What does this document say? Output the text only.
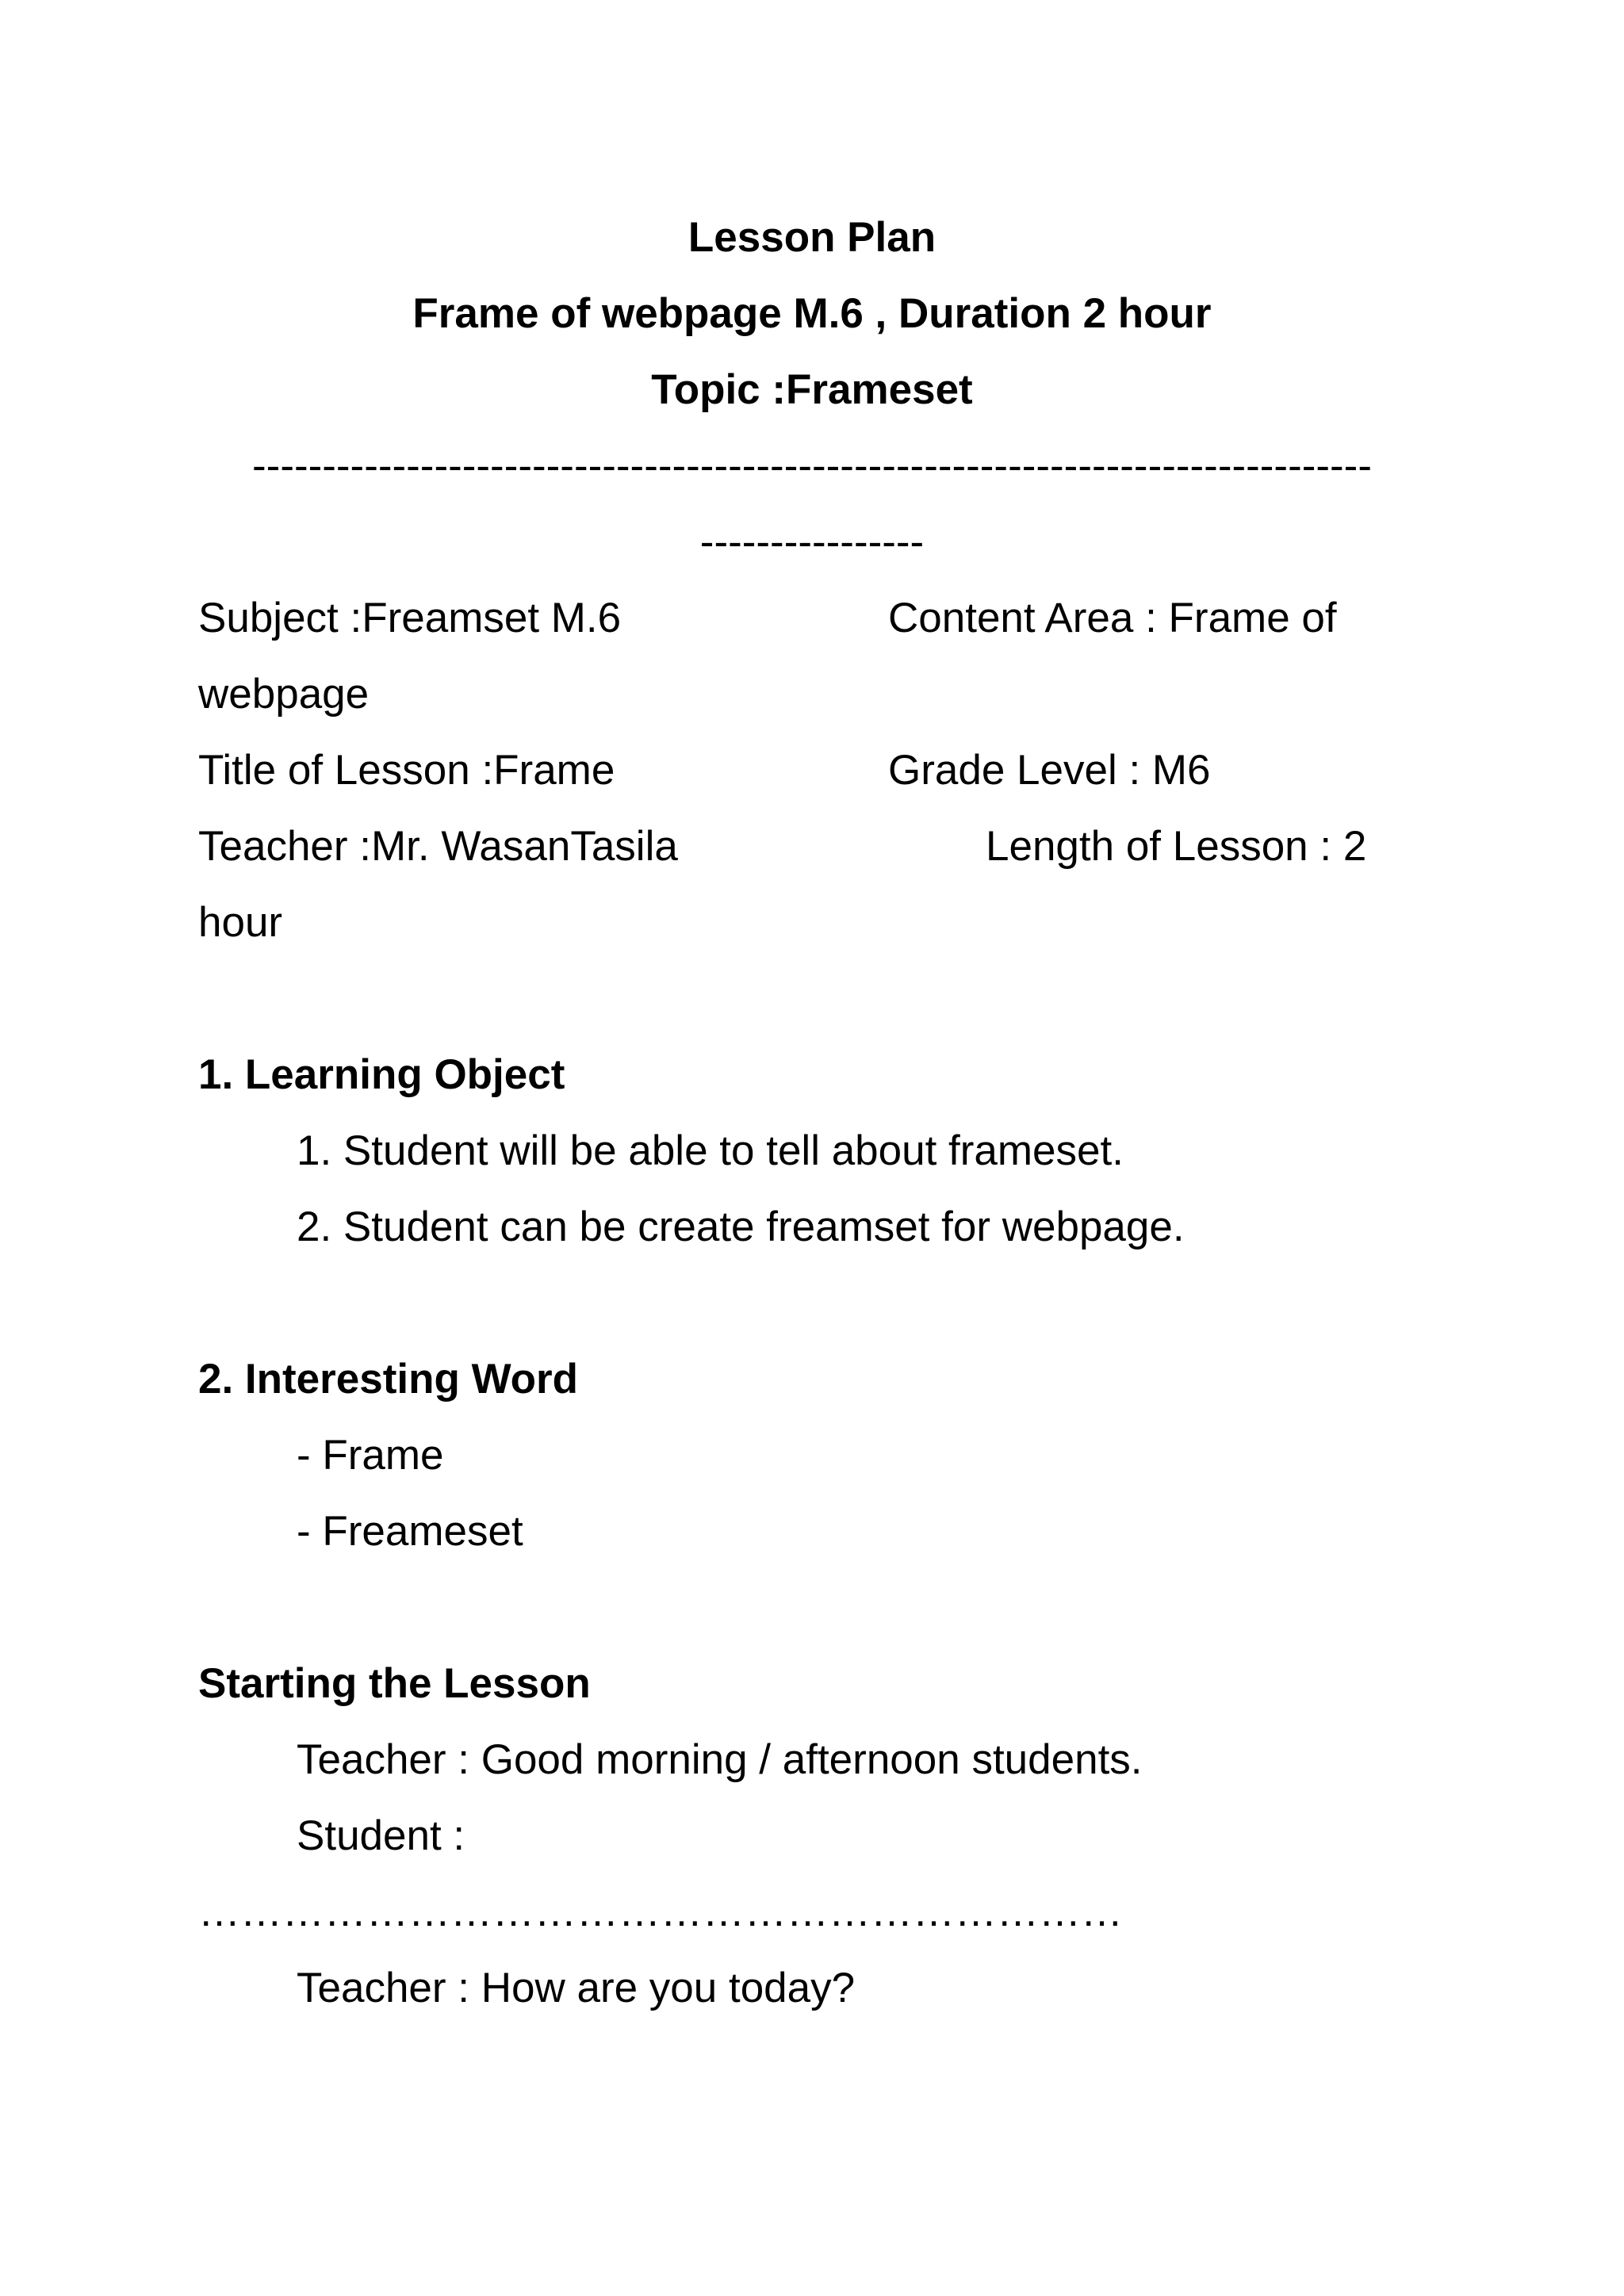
Lesson Plan

Frame of webpage M.6 , Duration 2 hour

Topic :Frameset

--------------------------------------------------------------------------------

----------------

Subject :Freamset M.6	Content Area : Frame of

webpage

Title of Lesson :Frame	Grade Level : M6

Teacher :Mr. WasanTasila	Length of Lesson : 2

hour

1. Learning Object

1. Student will be able to tell about frameset.

2. Student can be create freamset for webpage.

2. Interesting Word

- Frame

- Freameset

Starting the Lesson

Teacher : Good morning / afternoon students.

Student :

…………………………………………………………

Teacher : How are you today?
